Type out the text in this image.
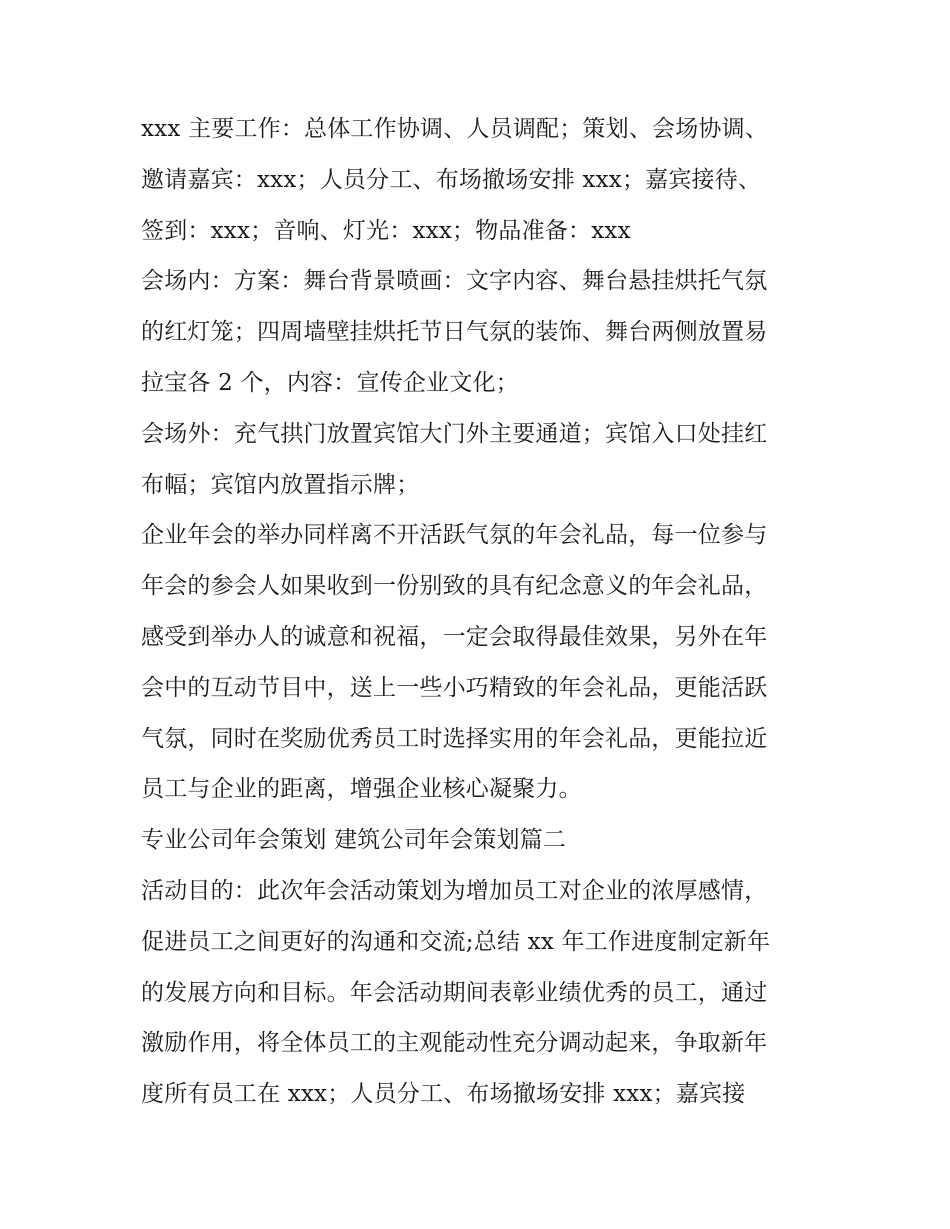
xxx 主要工作：总体工作协调、人员调配；策划、会场协调、
邀请嘉宾：xxx；人员分工、布场撤场安排 xxx；嘉宾接待、
签到：xxx；音响、灯光：xxx；物品准备：xxx
会场内：方案：舞台背景喷画：文字内容、舞台悬挂烘托气氛
的红灯笼；四周墙壁挂烘托节日气氛的装饰、舞台两侧放置易
拉宝各 2 个，内容：宣传企业文化；
会场外：充气拱门放置宾馆大门外主要通道；宾馆入口处挂红
布幅；宾馆内放置指示牌；
企业年会的举办同样离不开活跃气氛的年会礼品，每一位参与
年会的参会人如果收到一份别致的具有纪念意义的年会礼品，
感受到举办人的诚意和祝福，一定会取得最佳效果，另外在年
会中的互动节目中，送上一些小巧精致的年会礼品，更能活跃
气氛，同时在奖励优秀员工时选择实用的年会礼品，更能拉近
员工与企业的距离，增强企业核心凝聚力。
专业公司年会策划 建筑公司年会策划篇二
活动目的：此次年会活动策划为增加员工对企业的浓厚感情，
促进员工之间更好的沟通和交流;总结 xx 年工作进度制定新年
的发展方向和目标。年会活动期间表彰业绩优秀的员工，通过
激励作用，将全体员工的主观能动性充分调动起来，争取新年
度所有员工在 xxx；人员分工、布场撤场安排 xxx；嘉宾接
